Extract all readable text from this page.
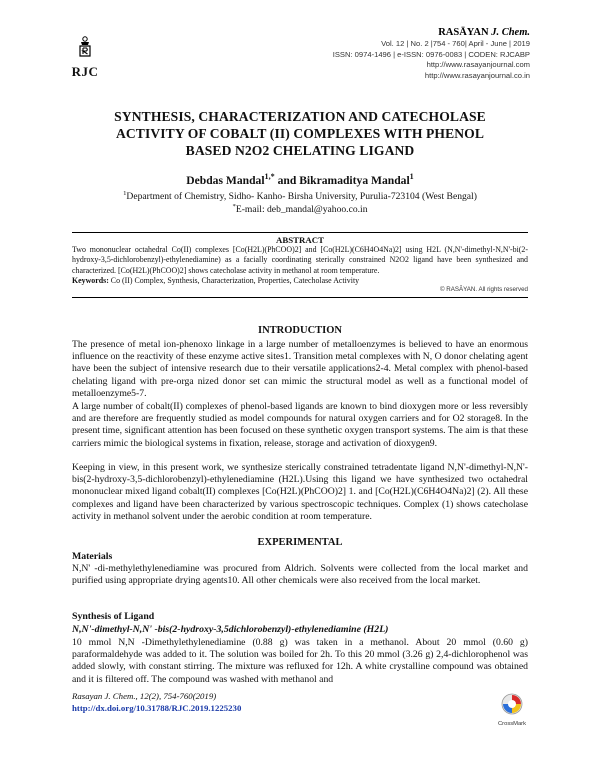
RJC
RASĀYAN J. Chem.
Vol. 12 | No. 2 |754 - 760| April - June | 2019
ISSN: 0974-1496 | e-ISSN: 0976-0083 | CODEN: RJCABP
http://www.rasayanjournal.com
http://www.rasayanjournal.co.in
SYNTHESIS, CHARACTERIZATION AND CATECHOLASE
ACTIVITY OF COBALT (II) COMPLEXES WITH PHENOL
BASED N2O2 CHELATING LIGAND
Debdas Mandal$^{1,*}$ and Bikramaditya Mandal$^1$
$^1$Department of Chemistry, Sidho- Kanho- Birsha University, Purulia-723104 (West Bengal)
*E-mail: deb_mandal@yahoo.co.in
ABSTRACT
Two mononuclear octahedral Co(II) complexes [Co(H2L)(PhCOO)2] and [Co(H2L)(C6H4O4Na)2] using H2L (N,N'-dimethyl-N,N'-bi(2-hydroxy-3,5-dichlorobenzyl)-ethylenediamine) as a facially coordinating sterically constrained N2O2 ligand have been synthesized and characterized. [Co(H2L)(PhCOO)2] shows catecholase activity in methanol at room temperature.
Keywords: Co (II) Complex, Synthesis, Characterization, Properties, Catecholase Activity
© RASĀYAN. All rights reserved
INTRODUCTION

The presence of metal ion-phenoxo linkage in a large number of metalloenzymes is believed to have an enormous influence on the reactivity of these enzyme active sites1. Transition metal complexes with N, O donor chelating agent have been the subject of intensive research due to their versatile applications2-4. Metal complex with phenol-based chelating ligand with pre-orga nized donor set can mimic the structural model as well as a functional model of metalloenzyme5-7.

A large number of cobalt(II) complexes of phenol-based ligands are known to bind dioxygen more or less reversibly and are therefore are frequently studied as model compounds for natural oxygen carriers and for O2 storage8. In the present time, significant attention has been focused on these synthetic oxygen transport systems. The aim is that these carriers mimic the biological systems in fixation, release, storage and activation of dioxygen9.

Keeping in view, in this present work, we synthesize sterically constrained tetradentate ligand N,N'-dimethyl-N,N'-bis(2-hydroxy-3,5-dichlorobenzyl)-ethylenediamine (H2L).Using this ligand we have synthesized two octahedral mononuclear mixed ligand cobalt(II) complexes [Co(H2L)(PhCOO)2] 1. and [Co(H2L)(C6H4O4Na)2] (2). All these complexes and ligand have been characterized by various spectroscopic techniques. Complex (1) shows catecholase activity in methanol solvent under the aerobic condition at room temperature.

EXPERIMENTAL
Materials

N,N' -di-methylethylenediamine was procured from Aldrich. Solvents were collected from the local market and purified using appropriate drying agents10. All other chemicals were also received from the local market.

Synthesis of Ligand
N,N'-dimethyl-N,N' -bis(2-hydroxy-3,5dichlorobenzyl)-ethylenediamine (H2L)

10 mmol N,N -Dimethylethylenediamine (0.88 g) was taken in a methanol. About 20 mmol (0.60 g) paraformaldehyde was added to it. The solution was boiled for 2h. To this 20 mmol (3.26 g) 2,4-dichlorophenol was added slowly, with constant stirring. The mixture was refluxed for 12h. A white crystalline compound was obtained and it is filtered off. The compound was washed with methanol and

Rasayan J. Chem., 12(2), 754-760(2019)
http://dx.doi.org/10.31788/RJC.2019.1225230
CrossMark
